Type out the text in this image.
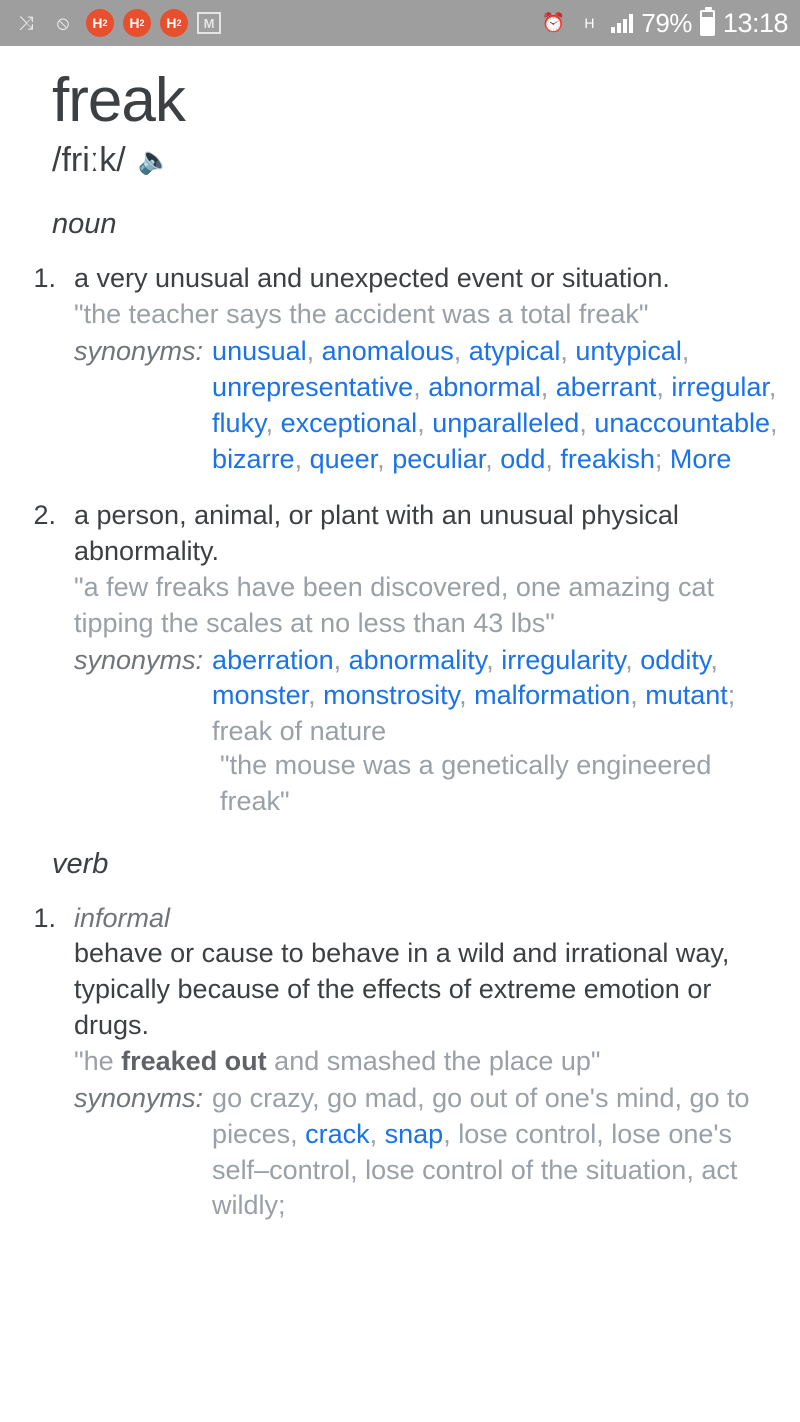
⤨	⦸	H 2	H 2	H 2	M	⏰	H	79% 13:18
freak
/friːk/ 🔈
noun
1. a very unusual and unexpected event or situation.
"the teacher says the accident was a total freak"
synonyms: unusual, anomalous, atypical, untypical, unrepresentative, abnormal, aberrant, irregular, fluky, exceptional, unparalleled, unaccountable, bizarre, queer, peculiar, odd, freakish; More
2. a person, animal, or plant with an unusual physical abnormality.
"a few freaks have been discovered, one amazing cat tipping the scales at no less than 43 lbs"
synonyms: aberration, abnormality, irregularity, oddity, monster, monstrosity, malformation, mutant; freak of nature
"the mouse was a genetically engineered freak"
verb
1. informal
behave or cause to behave in a wild and irrational way, typically because of the effects of extreme emotion or drugs.
"he freaked out and smashed the place up"
synonyms: go crazy, go mad, go out of one's mind, go to pieces, crack, snap, lose control, lose one's self–control, lose control of the situation, act wildly;
